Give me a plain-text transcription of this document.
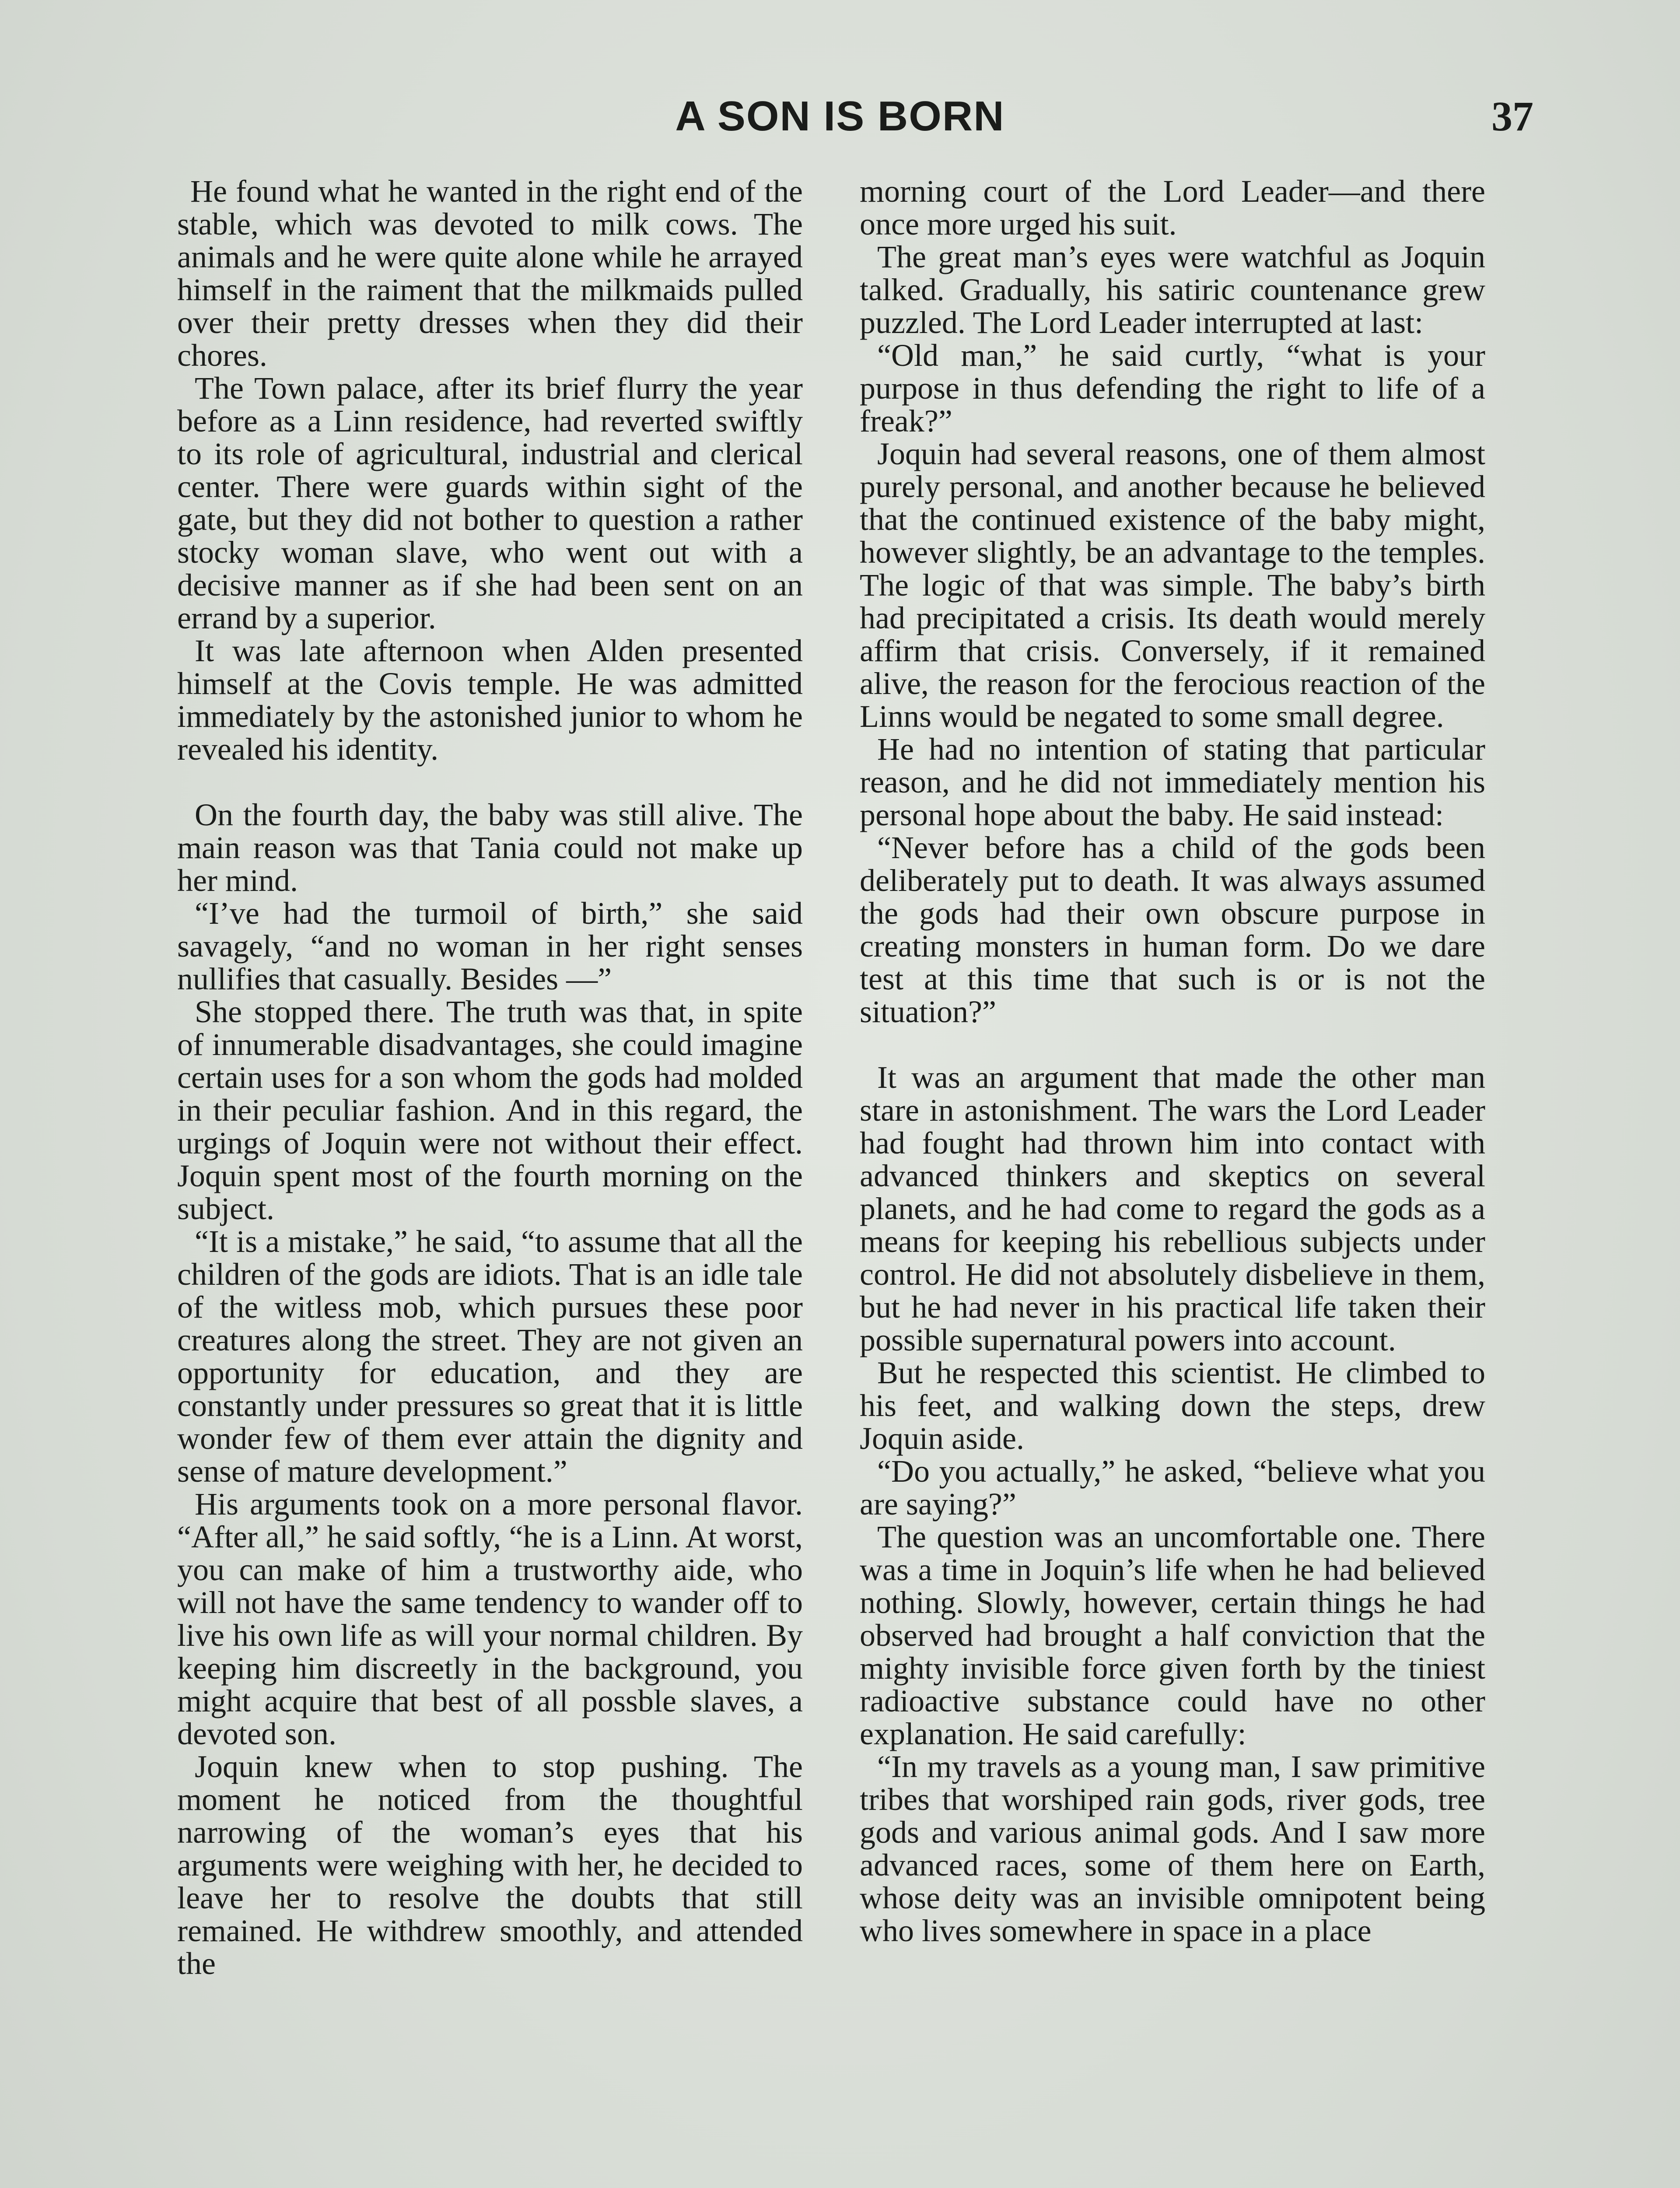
A SON IS BORN	37

He found what he wanted in the right end of the stable, which was devoted to milk cows. The animals and he were quite alone while he arrayed himself in the raiment that the milkmaids pulled over their pretty dresses when they did their chores.

The Town palace, after its brief flurry the year before as a Linn residence, had reverted swiftly to its role of agricultural, industrial and clerical center. There were guards within sight of the gate, but they did not bother to question a rather stocky woman slave, who went out with a decisive manner as if she had been sent on an errand by a superior.

It was late afternoon when Alden presented himself at the Covis temple. He was admitted immediately by the astonished junior to whom he revealed his identity.

On the fourth day, the baby was still alive. The main reason was that Tania could not make up her mind.

“I’ve had the turmoil of birth,” she said savagely, “and no woman in her right senses nullifies that casually. Besides —”

She stopped there. The truth was that, in spite of innumerable disadvantages, she could imagine certain uses for a son whom the gods had molded in their peculiar fashion. And in this regard, the urgings of Joquin were not without their effect. Joquin spent most of the fourth morning on the subject.

“It is a mistake,” he said, “to assume that all the children of the gods are idiots. That is an idle tale of the witless mob, which pursues these poor creatures along the street. They are not given an opportunity for education, and they are constantly under pressures so great that it is little wonder few of them ever attain the dignity and sense of mature development.”

His arguments took on a more personal flavor. “After all,” he said softly, “he is a Linn. At worst, you can make of him a trustworthy aide, who will not have the same tendency to wander off to live his own life as will your normal children. By keeping him discreetly in the background, you might acquire that best of all possble slaves, a devoted son.

Joquin knew when to stop pushing. The moment he noticed from the thoughtful narrowing of the woman’s eyes that his arguments were weighing with her, he decided to leave her to resolve the doubts that still remained. He withdrew smoothly, and attended the

morning court of the Lord Leader—and there once more urged his suit.

The great man’s eyes were watchful as Joquin talked. Gradually, his satiric countenance grew puzzled. The Lord Leader interrupted at last:

“Old man,” he said curtly, “what is your purpose in thus defending the right to life of a freak?”

Joquin had several reasons, one of them almost purely personal, and another because he believed that the continued existence of the baby might, however slightly, be an advantage to the temples. The logic of that was simple. The baby’s birth had precipitated a crisis. Its death would merely affirm that crisis. Conversely, if it remained alive, the reason for the ferocious reaction of the Linns would be negated to some small degree.

He had no intention of stating that particular reason, and he did not immediately mention his personal hope about the baby. He said instead:

“Never before has a child of the gods been deliberately put to death. It was always assumed the gods had their own obscure purpose in creating monsters in human form. Do we dare test at this time that such is or is not the situation?”

It was an argument that made the other man stare in astonishment. The wars the Lord Leader had fought had thrown him into contact with advanced thinkers and skeptics on several planets, and he had come to regard the gods as a means for keeping his rebellious subjects under control. He did not absolutely disbelieve in them, but he had never in his practical life taken their possible supernatural powers into account.

But he respected this scientist. He climbed to his feet, and walking down the steps, drew Joquin aside.

“Do you actually,” he asked, “believe what you are saying?”

The question was an uncomfortable one. There was a time in Joquin’s life when he had believed nothing. Slowly, however, certain things he had observed had brought a half conviction that the mighty invisible force given forth by the tiniest radioactive substance could have no other explanation. He said carefully:

“In my travels as a young man, I saw primitive tribes that worshiped rain gods, river gods, tree gods and various animal gods. And I saw more advanced races, some of them here on Earth, whose deity was an invisible omnipotent being who lives somewhere in space in a place
